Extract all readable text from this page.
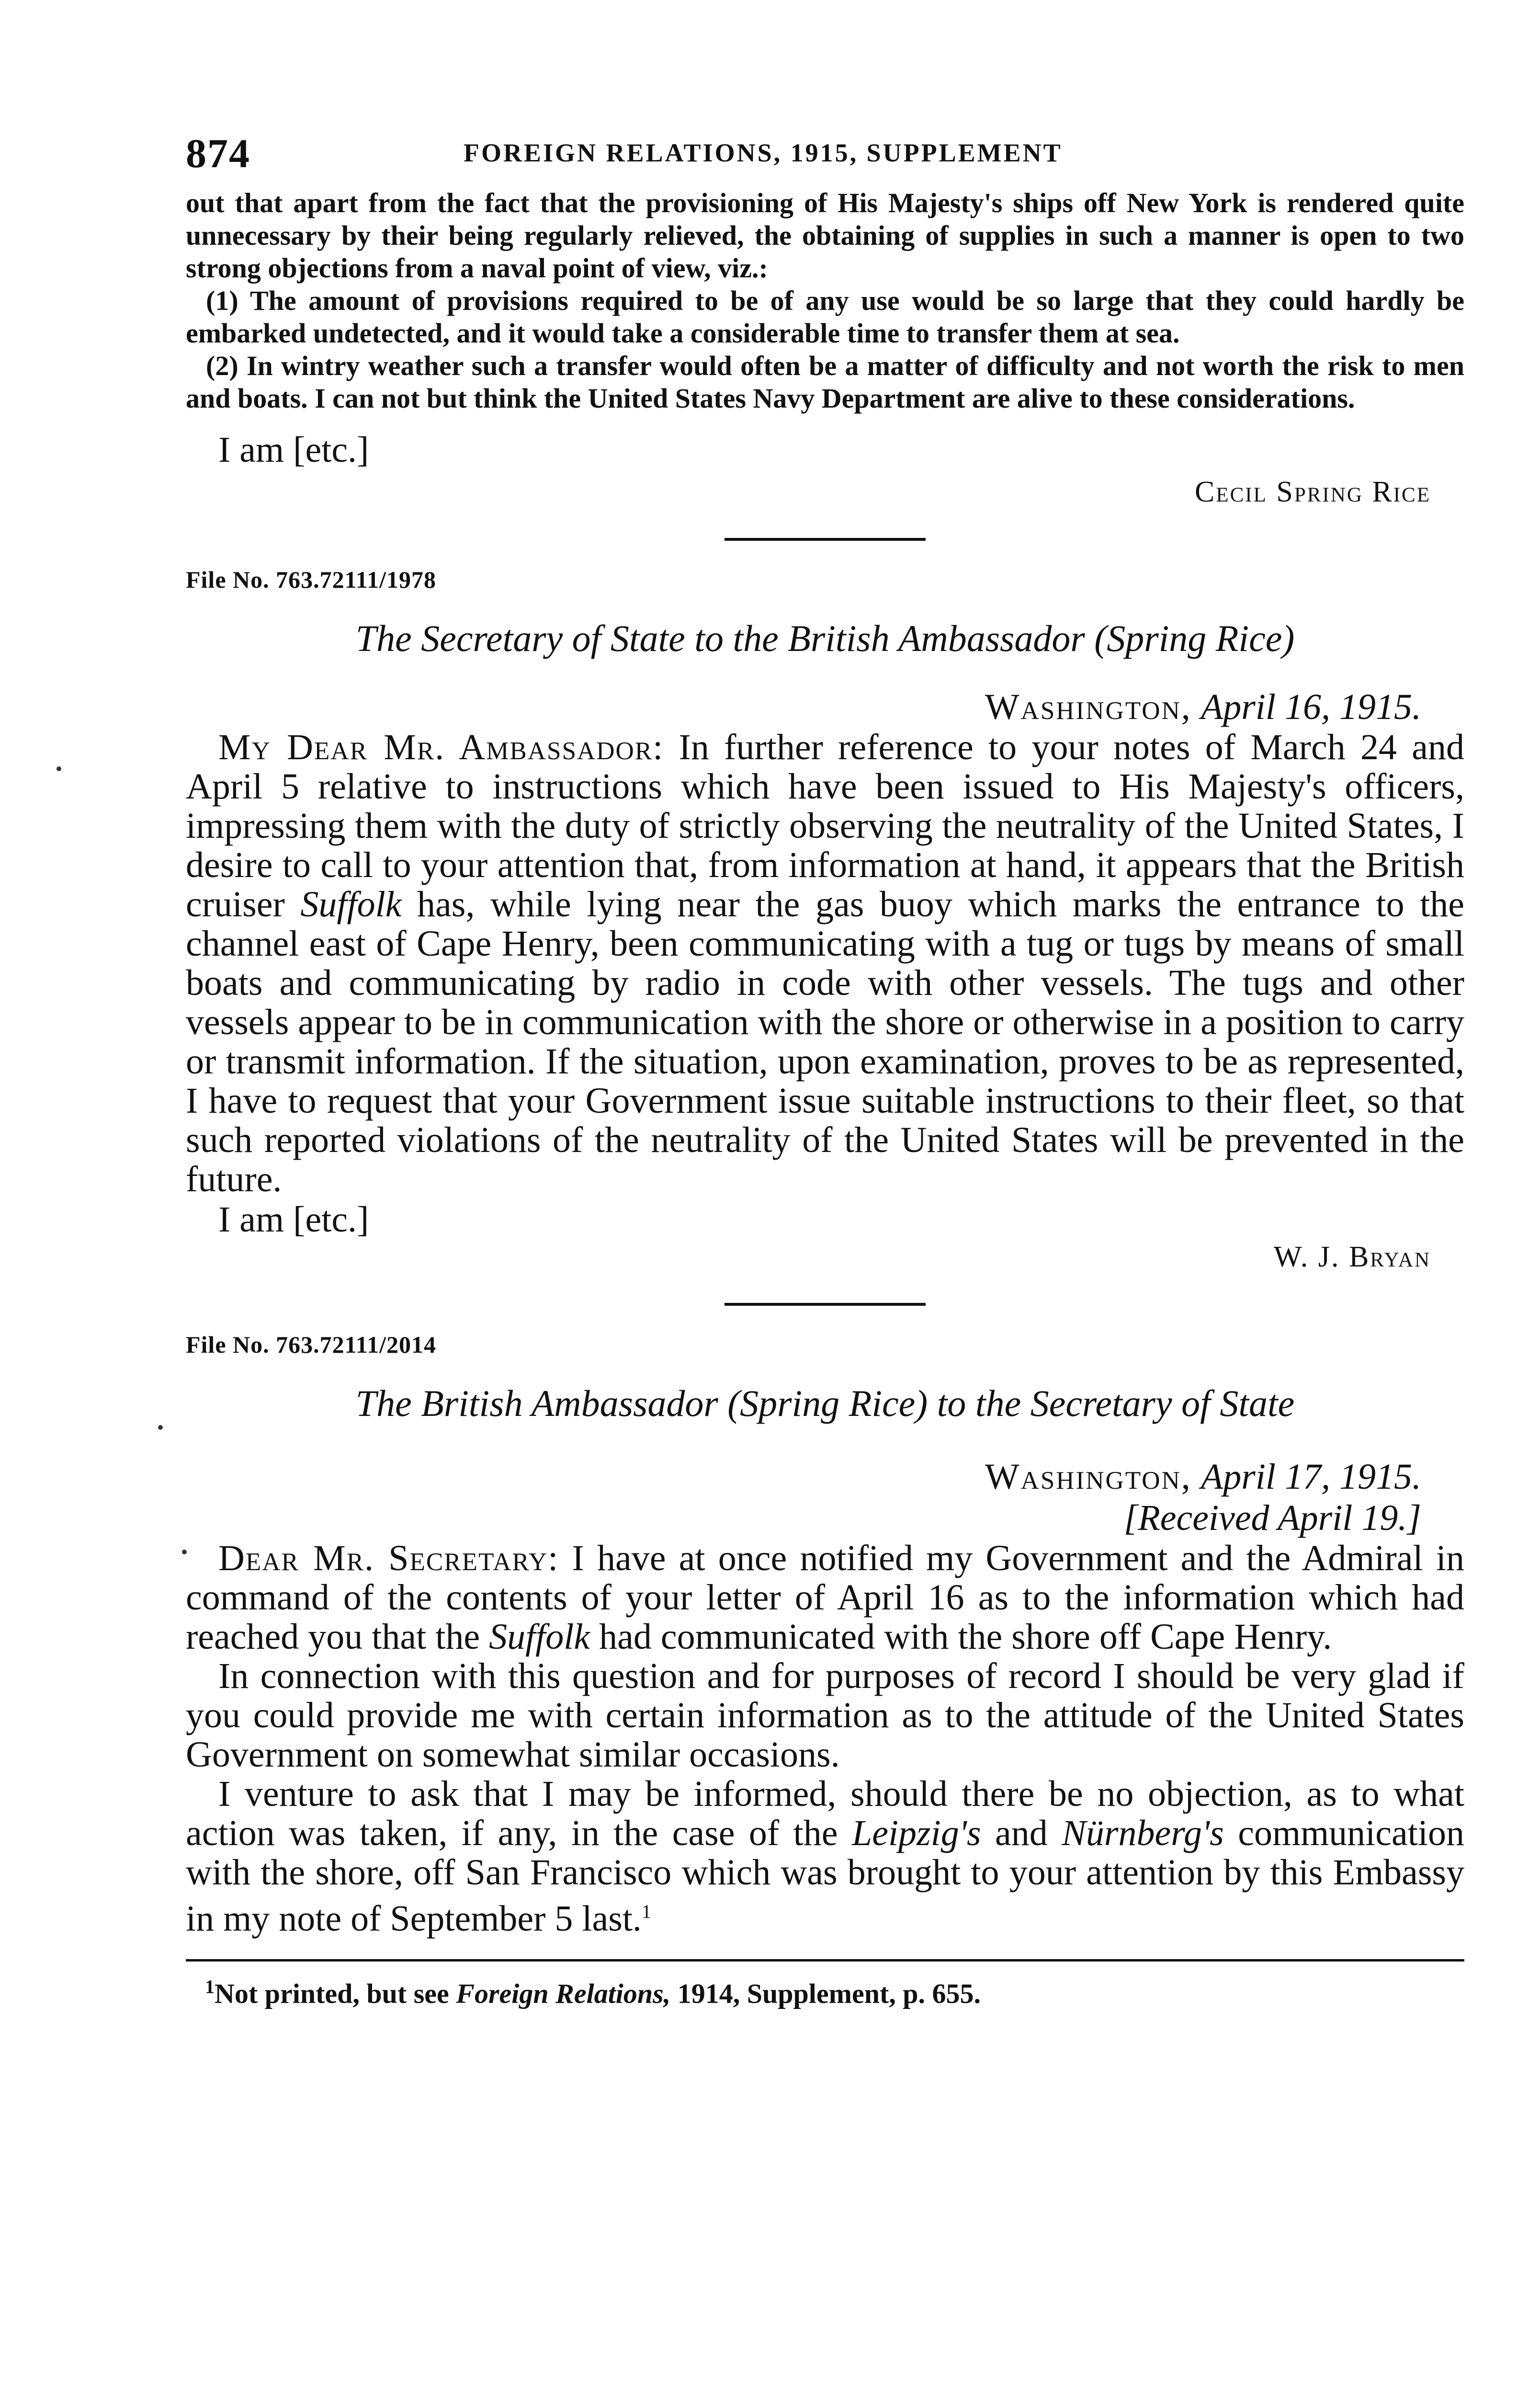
874	FOREIGN RELATIONS, 1915, SUPPLEMENT

out that apart from the fact that the provisioning of His Majesty's ships off New York is rendered quite unnecessary by their being regularly relieved, the obtaining of supplies in such a manner is open to two strong objections from a naval point of view, viz.:

(1) The amount of provisions required to be of any use would be so large that they could hardly be embarked undetected, and it would take a considerable time to transfer them at sea.

(2) In wintry weather such a transfer would often be a matter of difficulty and not worth the risk to men and boats. I can not but think the United States Navy Department are alive to these considerations.

I am [etc.]
Cecil Spring Rice
File No. 763.72111/1978
The Secretary of State to the British Ambassador (Spring Rice)
Washington, April 16, 1915.

My Dear Mr. Ambassador: In further reference to your notes of March 24 and April 5 relative to instructions which have been issued to His Majesty's officers, impressing them with the duty of strictly observing the neutrality of the United States, I desire to call to your attention that, from information at hand, it appears that the British cruiser Suffolk has, while lying near the gas buoy which marks the entrance to the channel east of Cape Henry, been communicating with a tug or tugs by means of small boats and communicating by radio in code with other vessels. The tugs and other vessels appear to be in communication with the shore or otherwise in a position to carry or transmit information. If the situation, upon examination, proves to be as represented, I have to request that your Government issue suitable instructions to their fleet, so that such reported violations of the neutrality of the United States will be prevented in the future.

I am [etc.]
W. J. Bryan
File No. 763.72111/2014
The British Ambassador (Spring Rice) to the Secretary of State
Washington, April 17, 1915.
[Received April 19.]

Dear Mr. Secretary: I have at once notified my Government and the Admiral in command of the contents of your letter of April 16 as to the information which had reached you that the Suffolk had communicated with the shore off Cape Henry.

In connection with this question and for purposes of record I should be very glad if you could provide me with certain information as to the attitude of the United States Government on somewhat similar occasions.

I venture to ask that I may be informed, should there be no objection, as to what action was taken, if any, in the case of the Leipzig's and Nürnberg's communication with the shore, off San Francisco which was brought to your attention by this Embassy in my note of September 5 last.$^1$

$^1$Not printed, but see Foreign Relations, 1914, Supplement, p. 655.
